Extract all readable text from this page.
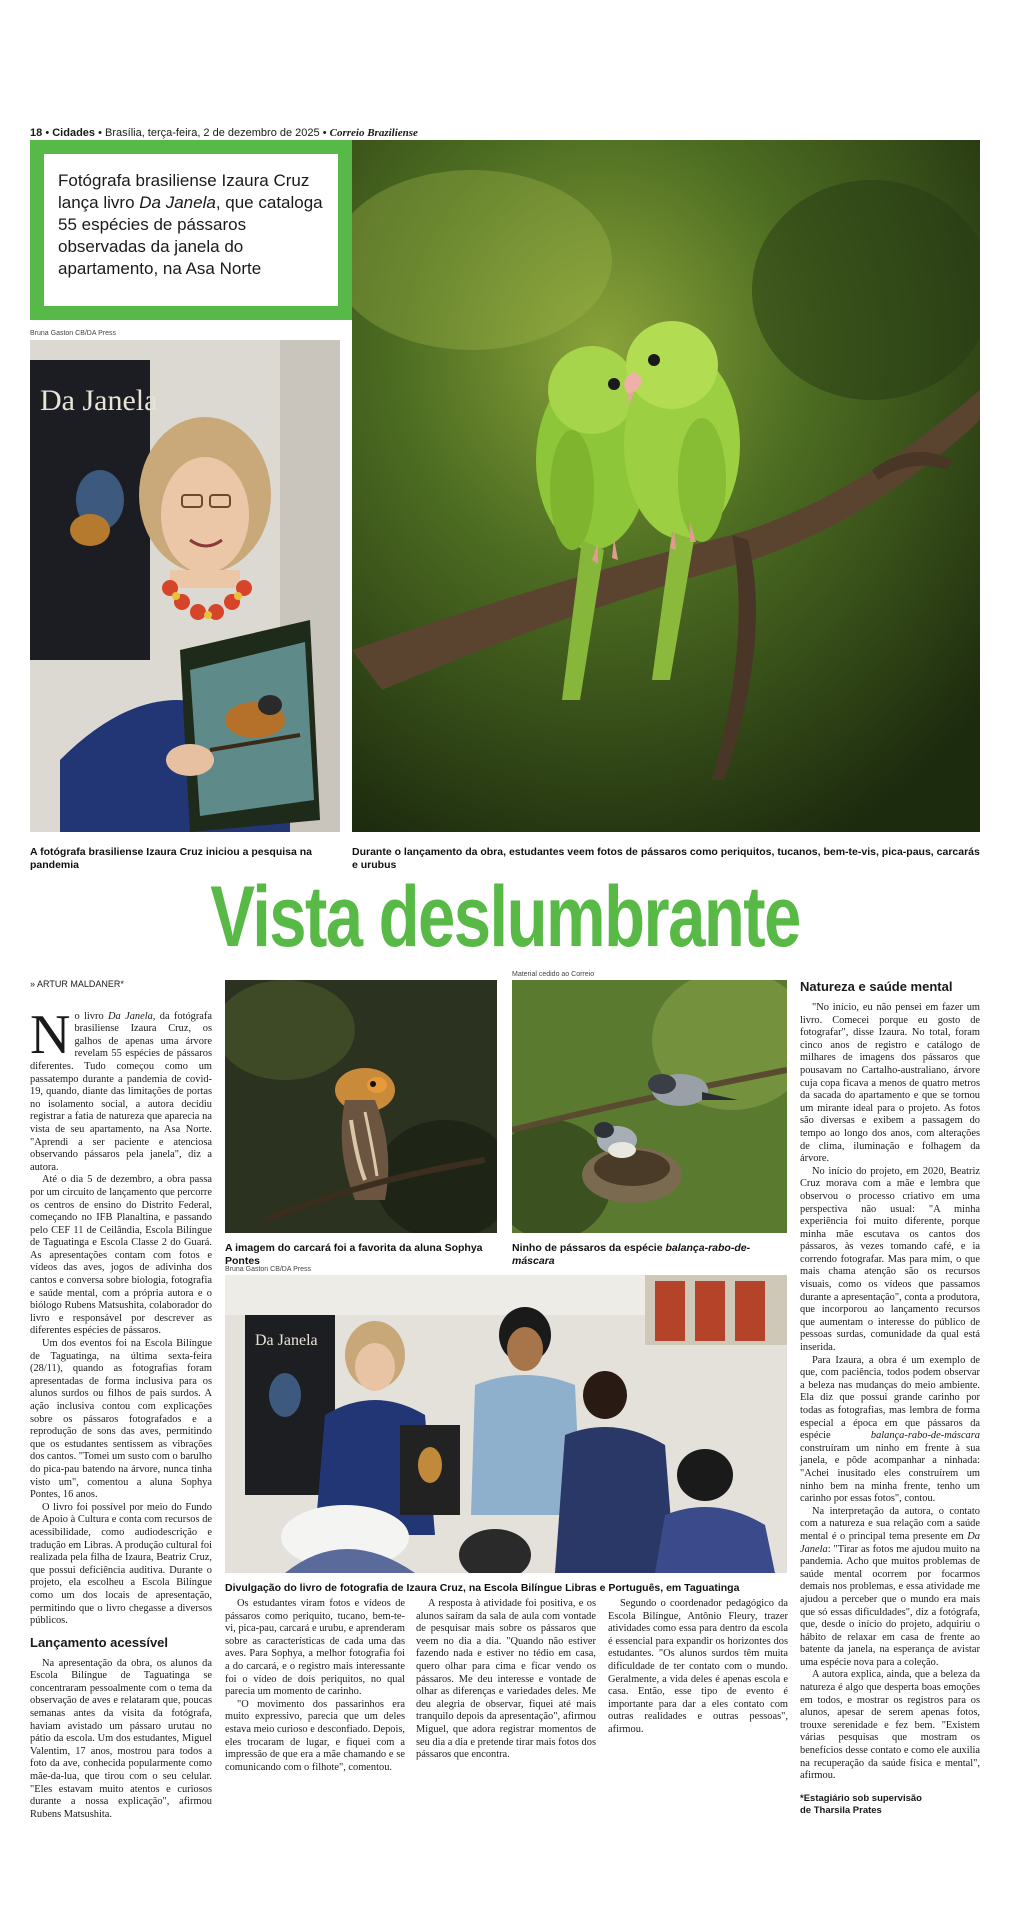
18 • Cidades • Brasília, terça-feira, 2 de dezembro de 2025 • Correio Braziliense
Fotógrafa brasiliense Izaura Cruz lança livro Da Janela, que cataloga 55 espécies de pássaros observadas da janela do apartamento, na Asa Norte
Bruna Gaston CB/DA Press
Da Janela
A fotógrafa brasiliense Izaura Cruz iniciou a pesquisa na pandemia
Durante o lançamento da obra, estudantes veem fotos de pássaros como periquitos, tucanos, bem-te-vis, pica-paus, carcarás e urubus
Vista deslumbrante
» ARTUR MALDANER*

No livro Da Janela, da fotógrafa brasiliense Izaura Cruz, os galhos de apenas uma árvore revelam 55 espécies de pássaros diferentes. Tudo começou como um passatempo durante a pandemia de covid-19, quando, diante das limitações de portas no isolamento social, a autora decidiu registrar a fatia de natureza que aparecia na vista de seu apartamento, na Asa Norte. "Aprendi a ser paciente e atenciosa observando pássaros pela janela", diz a autora.

Até o dia 5 de dezembro, a obra passa por um circuito de lançamento que percorre os centros de ensino do Distrito Federal, começando no IFB Planaltina, e passando pelo CEF 11 de Ceilândia, Escola Bilíngue de Taguatinga e Escola Classe 2 do Guará. As apresentações contam com fotos e vídeos das aves, jogos de adivinha dos cantos e conversa sobre biologia, fotografia e saúde mental, com a própria autora e o biólogo Rubens Matsushita, colaborador do livro e responsável por descrever as diferentes espécies de pássaros.

Um dos eventos foi na Escola Bilíngue de Taguatinga, na última sexta-feira (28/11), quando as fotografias foram apresentadas de forma inclusiva para os alunos surdos ou filhos de pais surdos. A ação inclusiva contou com explicações sobre os pássaros fotografados e a reprodução de sons das aves, permitindo que os estudantes sentissem as vibrações dos cantos. "Tomei um susto com o barulho do pica-pau batendo na árvore, nunca tinha visto um", comentou a aluna Sophya Pontes, 16 anos.

O livro foi possível por meio do Fundo de Apoio à Cultura e conta com recursos de acessibilidade, como audiodescrição e tradução em Libras. A produção cultural foi realizada pela filha de Izaura, Beatriz Cruz, que possui deficiência auditiva. Durante o projeto, ela escolheu a Escola Bilíngue como um dos locais de apresentação, permitindo que o livro chegasse a diversos públicos.

Lançamento acessível

Na apresentação da obra, os alunos da Escola Bilíngue de Taguatinga se concentraram pessoalmente com o tema da observação de aves e relataram que, poucas semanas antes da visita da fotógrafa, haviam avistado um pássaro urutau no pátio da escola. Um dos estudantes, Miguel Valentim, 17 anos, mostrou para todos a foto da ave, conhecida popularmente como mãe-da-lua, que tirou com o seu celular. "Eles estavam muito atentos e curiosos durante a nossa explicação", afirmou Rubens Matsushita.

A imagem do carcará foi a favorita da aluna Sophya Pontes
Material cedido ao Correio
Ninho de pássaros da espécie balança-rabo-de-máscara
Bruna Gaston CB/DA Press
Da Janela
Divulgação do livro de fotografia de Izaura Cruz, na Escola Bilíngue Libras e Português, em Taguatinga

Os estudantes viram fotos e vídeos de pássaros como periquito, tucano, bem-te-vi, pica-pau, carcará e urubu, e aprenderam sobre as características de cada uma das aves. Para Sophya, a melhor fotografia foi a do carcará, e o registro mais interessante foi o vídeo de dois periquitos, no qual parecia um momento de carinho.

"O movimento dos passarinhos era muito expressivo, parecia que um deles estava meio curioso e desconfiado. Depois, eles trocaram de lugar, e fiquei com a impressão de que era a mãe chamando e se comunicando com o filhote", comentou.

A resposta à atividade foi positiva, e os alunos saíram da sala de aula com vontade de pesquisar mais sobre os pássaros que veem no dia a dia. "Quando não estiver fazendo nada e estiver no tédio em casa, quero olhar para cima e ficar vendo os pássaros. Me deu interesse e vontade de olhar as diferenças e variedades deles. Me deu alegria de observar, fiquei até mais tranquilo depois da apresentação", afirmou Miguel, que adora registrar momentos de seu dia a dia e pretende tirar mais fotos dos pássaros que encontra.

Segundo o coordenador pedagógico da Escola Bilíngue, Antônio Fleury, trazer atividades como essa para dentro da escola é essencial para expandir os horizontes dos estudantes. "Os alunos surdos têm muita dificuldade de ter contato com o mundo. Geralmente, a vida deles é apenas escola e casa. Então, esse tipo de evento é importante para dar a eles contato com outras realidades e outras pessoas", afirmou.

Natureza e saúde mental

"No início, eu não pensei em fazer um livro. Comecei porque eu gosto de fotografar", disse Izaura. No total, foram cinco anos de registro e catálogo de milhares de imagens dos pássaros que pousavam no Cartalho-australiano, árvore cuja copa ficava a menos de quatro metros da sacada do apartamento e que se tornou um mirante ideal para o projeto. As fotos são diversas e exibem a passagem do tempo ao longo dos anos, com alterações de clima, iluminação e folhagem da árvore.

No início do projeto, em 2020, Beatriz Cruz morava com a mãe e lembra que observou o processo criativo em uma perspectiva não usual: "A minha experiência foi muito diferente, porque minha mãe escutava os cantos dos pássaros, às vezes tomando café, e ia correndo fotografar. Mas para mim, o que mais chama atenção são os recursos visuais, como os vídeos que passamos durante a apresentação", conta a produtora, que incorporou ao lançamento recursos que aumentam o interesse do público de pessoas surdas, comunidade da qual está inserida.

Para Izaura, a obra é um exemplo de que, com paciência, todos podem observar a beleza nas mudanças do meio ambiente. Ela diz que possui grande carinho por todas as fotografias, mas lembra de forma especial a época em que pássaros da espécie balança-rabo-de-máscara construíram um ninho em frente à sua janela, e pôde acompanhar a ninhada: "Achei inusitado eles construírem um ninho bem na minha frente, tenho um carinho por essas fotos", contou.

Na interpretação da autora, o contato com a natureza e sua relação com a saúde mental é o principal tema presente em Da Janela: "Tirar as fotos me ajudou muito na pandemia. Acho que muitos problemas de saúde mental ocorrem por focarmos demais nos problemas, e essa atividade me ajudou a perceber que o mundo era mais que só essas dificuldades", diz a fotógrafa, que, desde o início do projeto, adquiriu o hábito de relaxar em casa de frente ao batente da janela, na esperança de avistar uma espécie nova para a coleção.

A autora explica, ainda, que a beleza da natureza é algo que desperta boas emoções em todos, e mostrar os registros para os alunos, apesar de serem apenas fotos, trouxe serenidade e fez bem. "Existem várias pesquisas que mostram os benefícios desse contato e como ele auxilia na recuperação da saúde física e mental", afirmou.

*Estagiário sob supervisão
de Tharsila Prates
